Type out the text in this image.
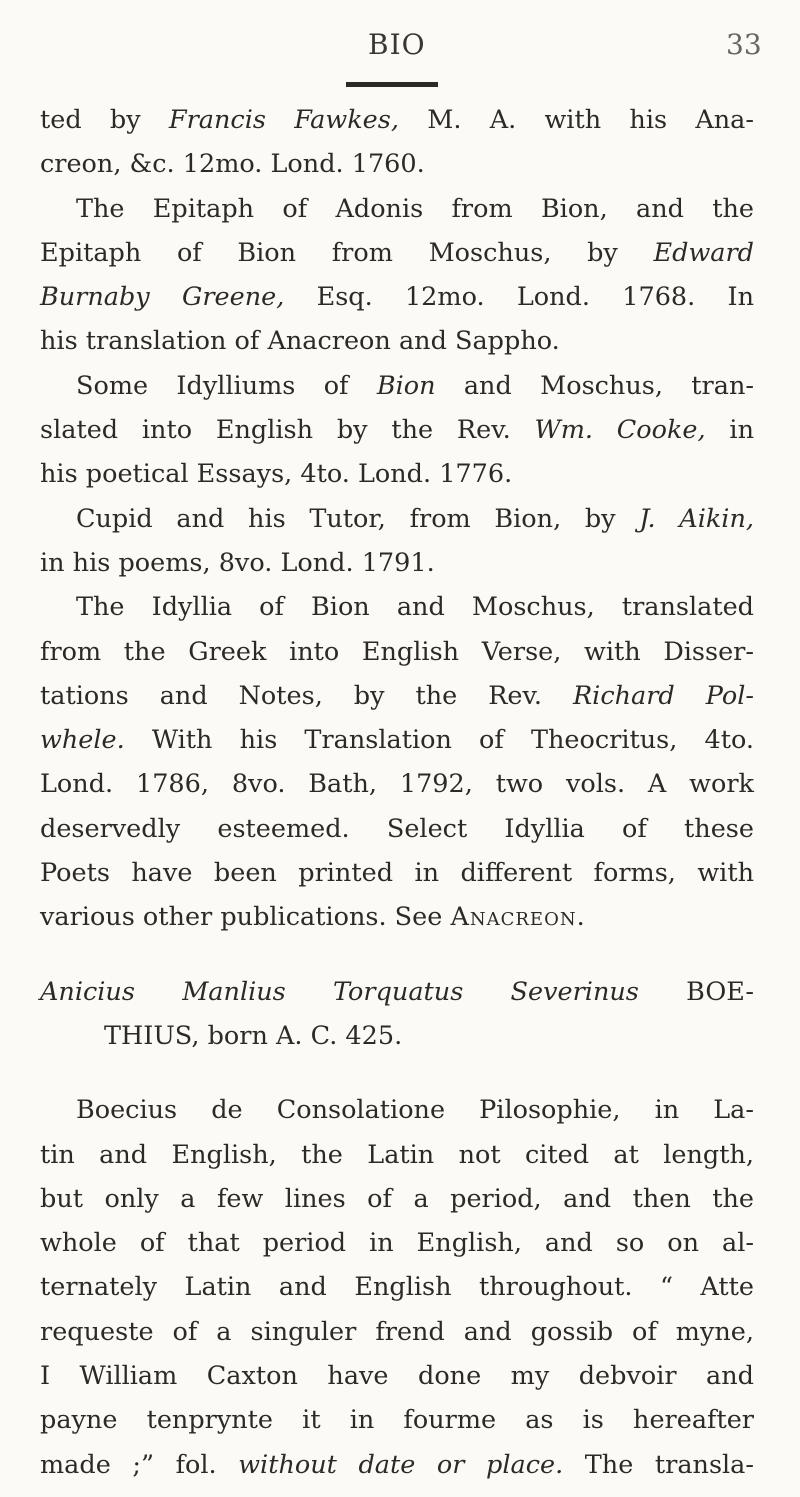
BIO	33
ted by Francis Fawkes, M. A. with his Ana-
creon, &c. 12mo. Lond. 1760.
The Epitaph of Adonis from Bion, and the
Epitaph of Bion from Moschus, by Edward
Burnaby Greene, Esq. 12mo. Lond. 1768. In
his translation of Anacreon and Sappho.
Some Idylliums of Bion and Moschus, tran-
slated into English by the Rev. Wm. Cooke, in
his poetical Essays, 4to. Lond. 1776.
Cupid and his Tutor, from Bion, by J. Aikin,
in his poems, 8vo. Lond. 1791.
The Idyllia of Bion and Moschus, translated
from the Greek into English Verse, with Disser-
tations and Notes, by the Rev. Richard Pol-
whele. With his Translation of Theocritus, 4to.
Lond. 1786, 8vo. Bath, 1792, two vols. A work
deservedly esteemed. Select Idyllia of these
Poets have been printed in different forms, with
various other publications. See Anacreon.
Anicius Manlius Torquatus Severinus BOE-
THIUS, born A. C. 425.
Boecius de Consolatione Pilosophie, in La-
tin and English, the Latin not cited at length,
but only a few lines of a period, and then the
whole of that period in English, and so on al-
ternately Latin and English throughout. “ Atte
requeste of a singuler frend and gossib of myne,
I William Caxton have done my debvoir and
payne tenprynte it in fourme as is hereafter
made ;” fol. without date or place. The transla-
